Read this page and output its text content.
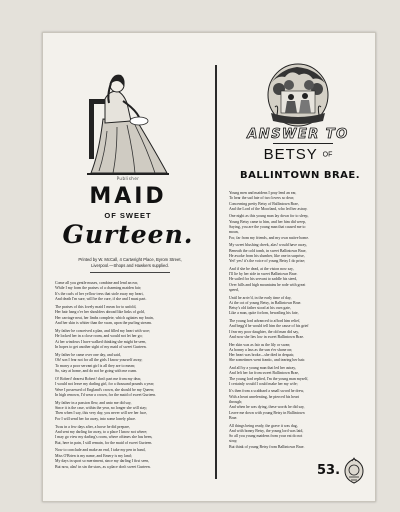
Publisher
MAID
OF SWEET
Gurteen.
Printed by W. McCall, 4 Cartwright Place, Byrom Street,
Liverpool.—Shops and Hawkers supplied.
Come all you gentle muses, combine and lend an ear,
While I my form the praises of a charming maiden fair;
It's the curls of her yellow tress that stole away my heart,
And death I'm sure, will be the cure, if she and I must part.
The praises of this lovely maid I mean for to unfold,
Her hair hang o'er her shoulders abroad like links of gold,
Her carriage neat, her limbs complete, which agitates my brain,
And her skin is whiter than the swan, upon the purling stream.
My father he conceived a plan, and filled my heart with woe;
He locked her in a close room, and would not let her go;
At her windows I have walked thinking she might be seen,
In hopes to get another sight of my maid of sweet Gurteen.
My father he came over one day, and said,
Oh! son I fear not for all the girls I know yourself away;
To marry a poor servant girl is all they are to mean;
So, stay at home, and do not be going with me roam.
O! Robert! dearest Robert! don't part me from my dear,
I would not leave my darling girl, for a thousand pounds a year;
Were I possessed of England's crown, she should be my Queen;
In high renown, I'd wear a crown, for the maid of sweet Gurteen.
My father in a passion flew, and unto me did say,
Since it is the case, within the year, no longer she will stay;
Then when I say, this very day, you never will see her face,
For I will send her far away, into some lonely place.
Twas in a few days after, a horse he did prepare,
And sent my darling far away, to a place I know not where;
I may go view my darling's room, where oftimes she has been,
But, here in pain, I still remain, for the maid of sweet Gurteen.
Now to conclude and make an end, I take my pen in hand,
Miss O'Brien is my name, and Emery is my land;
My days in sport so merriment, since my darling I first seen,
But now, alas! in sin the stars, as a place don't sweet Gurteen.
ANSWER TO
BETSY OF
BALLINTOWN BRAE.
Young men and maidens I pray lend an ear,
To hear the sad fate of two lovers so dear;
Concerning pretty Betsy of Ballintown Brae,
And the Lord of the Moorland, who led her astray.
One night as this young man lay down for to sleep,
Young Betsy came to him, and her him did weep,
Saying, you are the young man that caused me to
moan,
For, far from my friends, and my own native home.
My sweet blushing cheek, alas! would have away,
Beneath the cold tomb, in sweet Ballintown Brae,
He awoke from his slumber, like one in surprise,
Yet! yes! it's the voice of young Betsy I do prize;
And if she be dead, at the vision now say,
I'll lie by her side in sweet Ballintown Brae.
He sailed for his servant to saddle his steed,
Over hills and high mountains he rode with great
speed,
Until he arriv'd, in the early time of day,
At the cot of young Betsy, in Ballintown Brae.
Betsy's old father stood at his own gate,
Like a man, quite forlorn, bewailing his fate,
The young lord advanced to afford him relief,
And begg'd he would tell him the cause of his grief
I fear my poor daughter, the old man did say,
And now she lies low in sweet Ballintown Brae.
Her skin was as fair as the lily or swan;
As bonny a lass as the sun e'er shone on;
Her heart was broke—she died in despair,
She sometimes went frantic, and tearing her hair.
And all by a young man that led her astray,
And left her far from sweet Ballintown Brae,
The young lord replied, I'm the young man myself,
I certainly would I could make her my wife;
It's then from a scabbard a small sword he drew,
With a heart unrelenting, he pierced his heart
through;
And when he was dying, these words he did say,
Leave me down with young Betsy in Ballintown
Brae.
All things being ready, the grave it was dug,
And with bonny Betsy, the young lord was laid,
So all you young maidens from your eat do not
stray,
But think of young Betsy from Ballintown Brae.
53.
